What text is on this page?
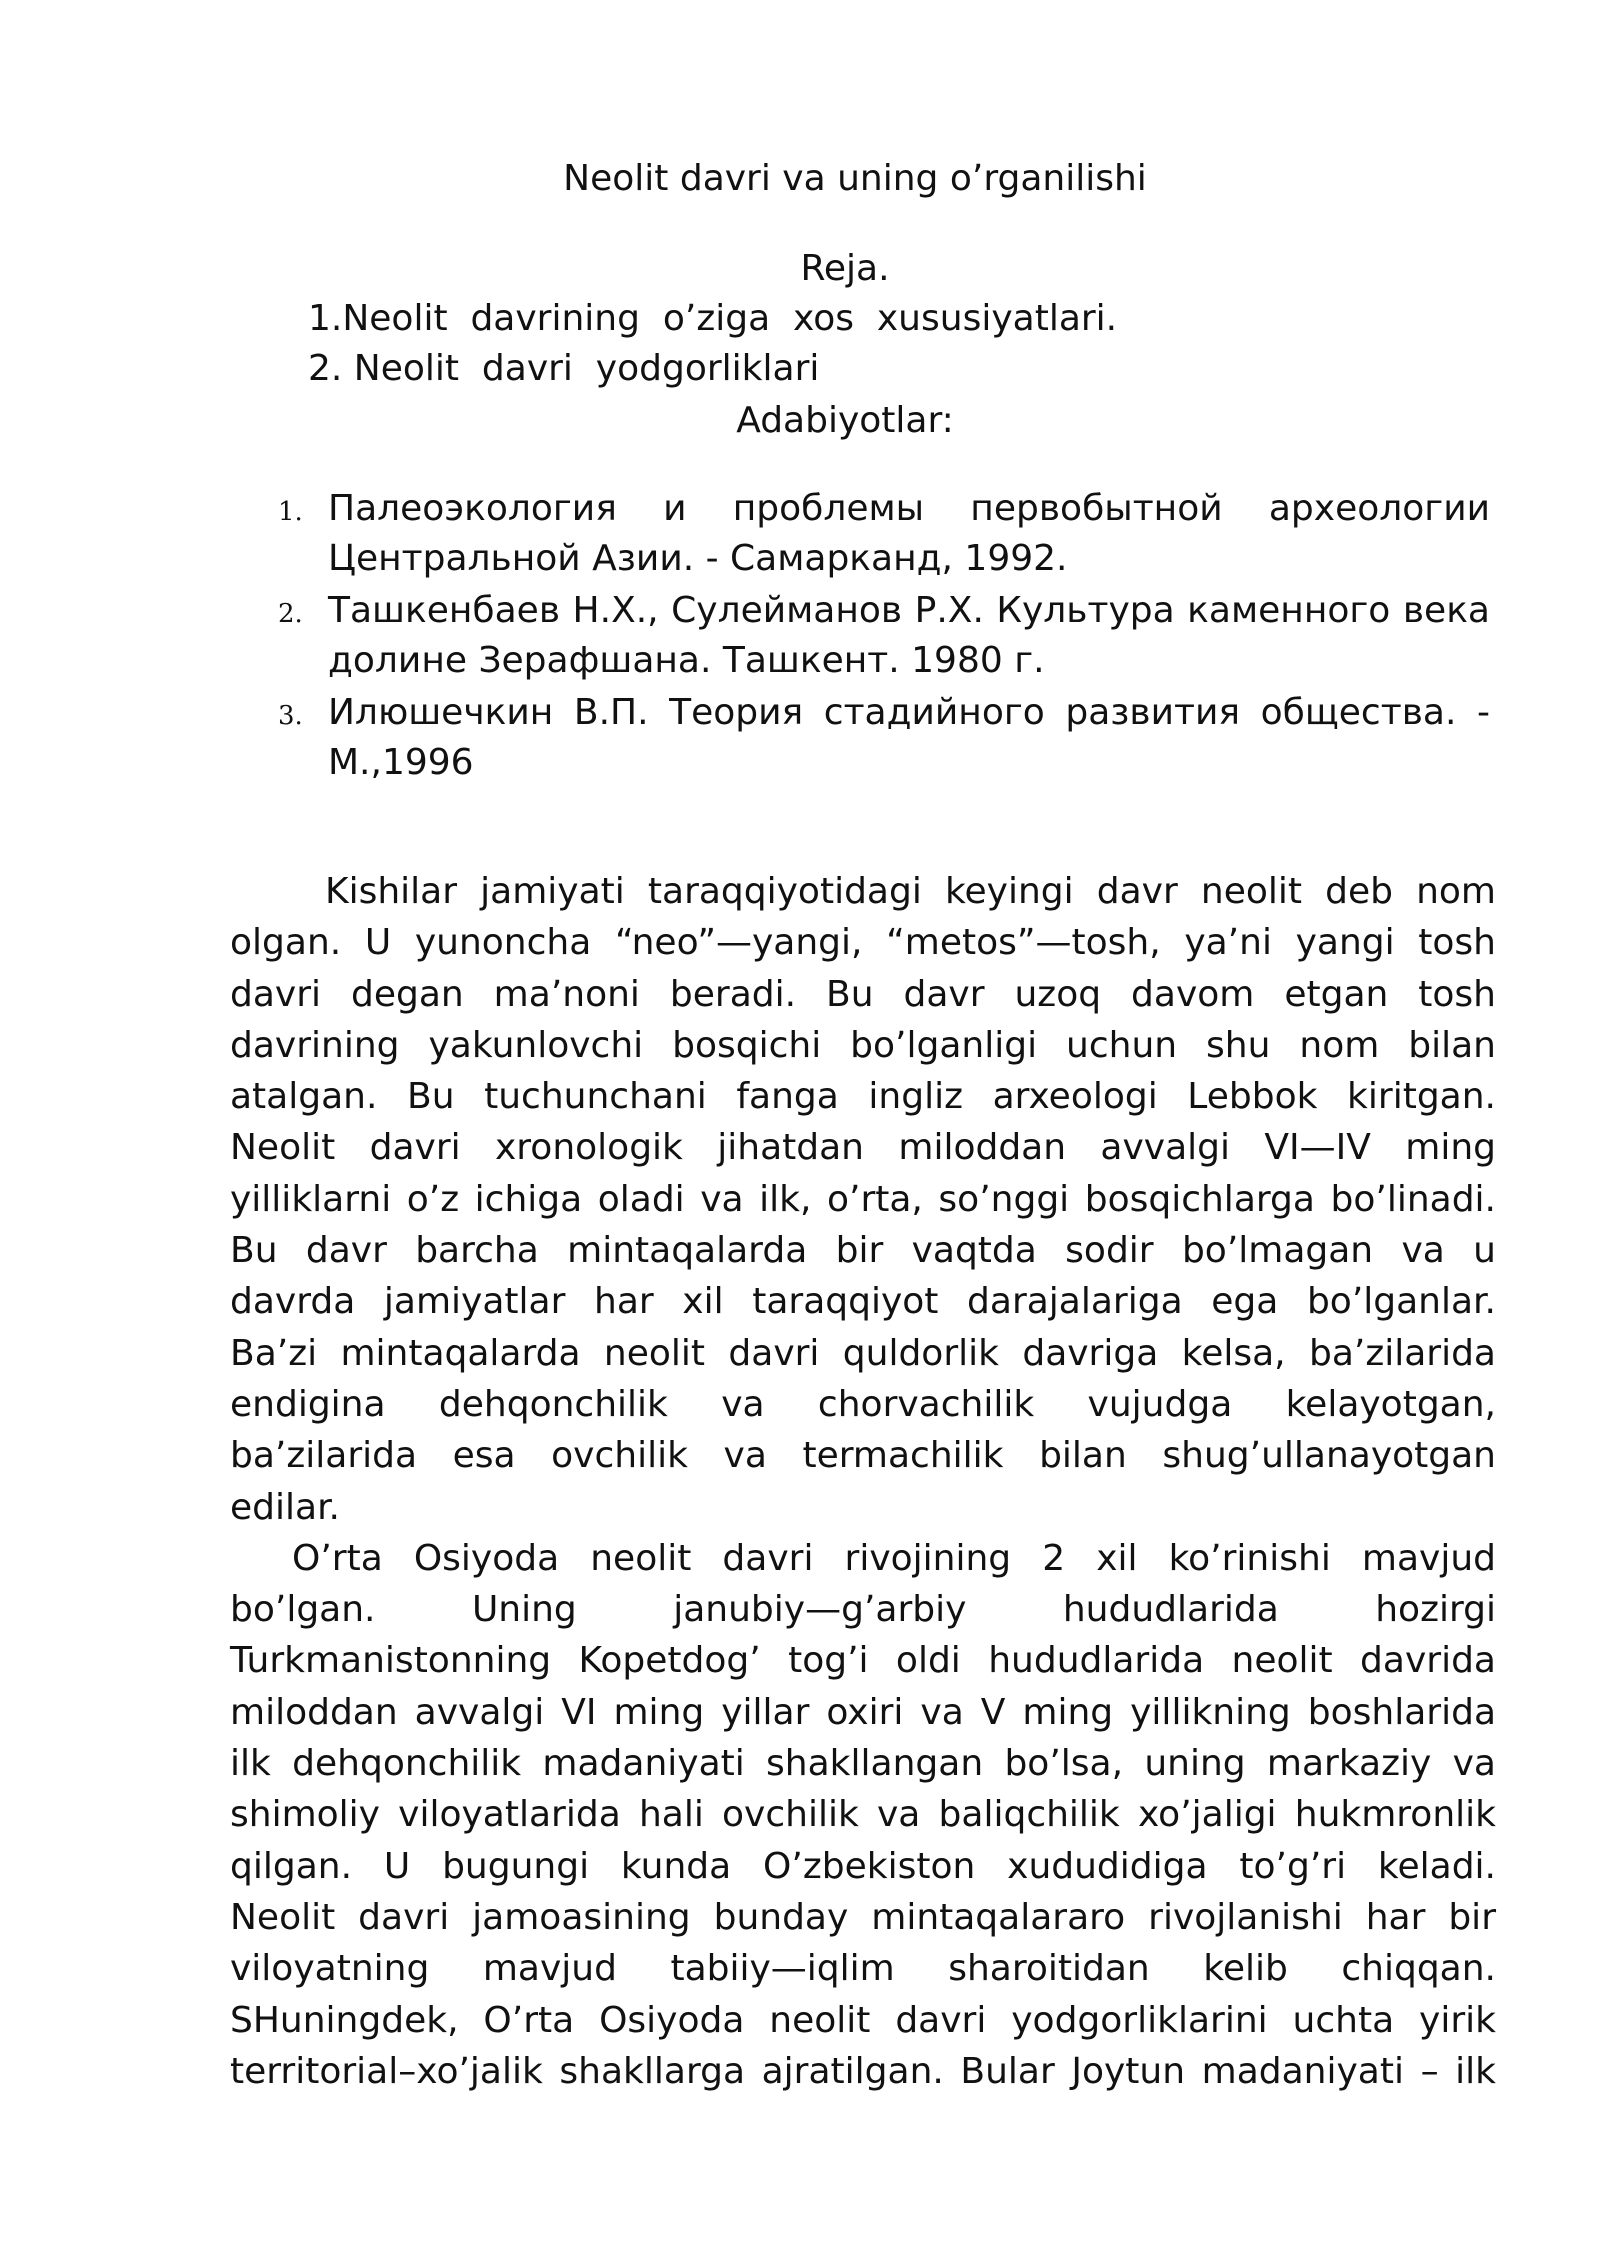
Neolit davri va uning o’rganilishi
Reja.
1.Neolit  davrining  o’ziga  xos  xususiyatlari.
2. Neolit  davri  yodgorliklari
Adabiyotlar:
1. Палеоэкология и проблемы первобытной археологии Центральной Азии. - Самарканд, 1992.
2. Ташкенбаев Н.Х., Сулейманов Р.Х. Культура каменного века долине Зерафшана. Ташкент. 1980 г.
3. Илюшечкин В.П. Теория стадийного развития общества. - М.,1996

Kishilar jamiyati taraqqiyotidagi keyingi davr neolit deb nom olgan. U yunoncha “neo”—yangi, “metos”—tosh, ya’ni yangi tosh davri degan ma’noni beradi. Bu davr uzoq davom etgan tosh davrining yakunlovchi bosqichi bo’lganligi uchun shu nom bilan atalgan. Bu tuchunchani fanga ingliz arxeologi Lebbok kiritgan. Neolit davri xronologik jihatdan miloddan avvalgi VI—IV ming yilliklarni o’z ichiga oladi va ilk, o’rta, so’nggi bosqichlarga bo’linadi. Bu davr barcha mintaqalarda bir vaqtda sodir bo’lmagan va u davrda jamiyatlar har xil taraqqiyot darajalariga ega bo’lganlar. Ba’zi mintaqalarda neolit davri quldorlik davriga kelsa, ba’zilarida endigina dehqonchilik va chorvachilik vujudga kelayotgan, ba’zilarida esa ovchilik va termachilik bilan shug’ullanayotgan edilar.

O’rta Osiyoda neolit davri rivojining 2 xil ko’rinishi mavjud bo’lgan. Uning janubiy—g’arbiy hududlarida hozirgi Turkmanistonning Kopetdog’ tog’i oldi hududlarida neolit davrida miloddan avvalgi VI ming yillar oxiri va V ming yillikning boshlarida ilk dehqonchilik madaniyati shakllangan bo’lsa, uning markaziy va shimoliy viloyatlarida hali ovchilik va baliqchilik xo’jaligi hukmronlik qilgan. U bugungi kunda O’zbekiston xududidiga to’g’ri keladi. Neolit davri jamoasining bunday mintaqalararo rivojlanishi har bir viloyatning mavjud tabiiy—iqlim sharoitidan kelib chiqqan. SHuningdek, O’rta Osiyoda neolit davri yodgorliklarini uchta yirik territorial–xo’jalik shakllarga ajratilgan. Bular Joytun madaniyati – ilk
